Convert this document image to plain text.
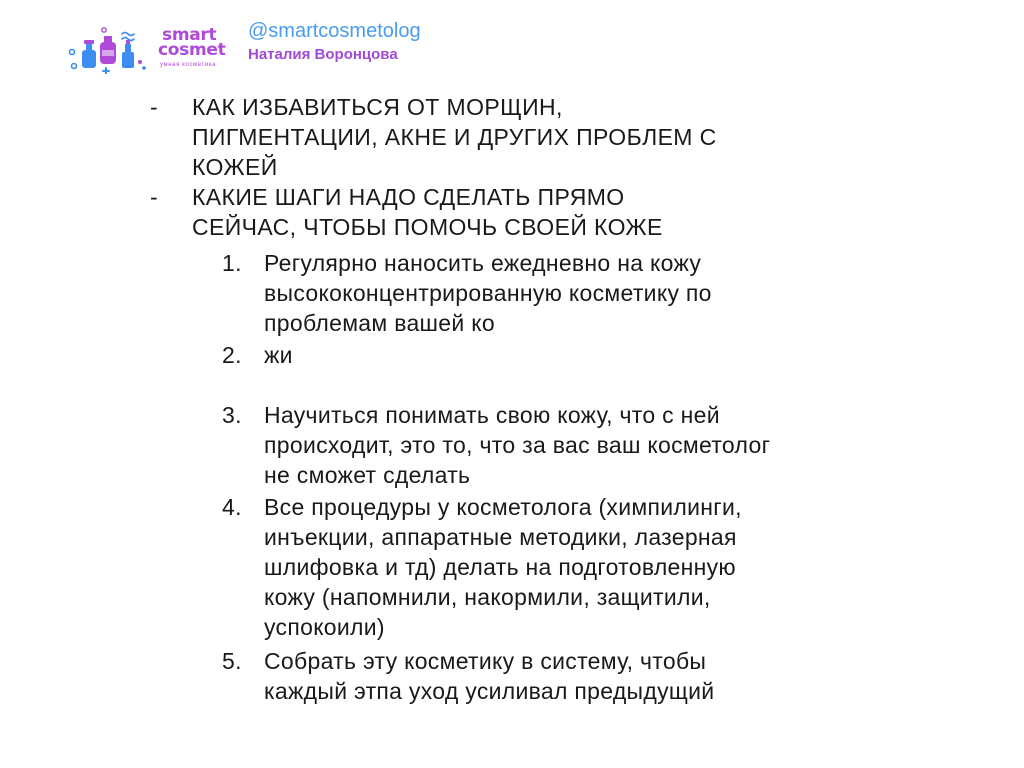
smart
cosmet
умная косметика
@smartcosmetolog
Наталия Воронцова
- КАК ИЗБАВИТЬСЯ ОТ МОРЩИН,
ПИГМЕНТАЦИИ, АКНЕ И ДРУГИХ ПРОБЛЕМ С
КОЖЕЙ
- КАКИЕ ШАГИ НАДО СДЕЛАТЬ ПРЯМО
СЕЙЧАС, ЧТОБЫ ПОМОЧЬ СВОЕЙ КОЖЕ
1. Регулярно наносить ежедневно на кожу
высококонцентрированную косметику по
проблемам вашей ко
2. жи
3. Научиться понимать свою кожу, что с ней
происходит, это то, что за вас ваш косметолог
не сможет сделать
4. Все процедуры у косметолога (химпилинги,
инъекции, аппаратные методики, лазерная
шлифовка и тд) делать на подготовленную
кожу (напомнили, накормили, защитили,
успокоили)
5. Собрать эту косметику в систему, чтобы
каждый этпа уход усиливал предыдущий
